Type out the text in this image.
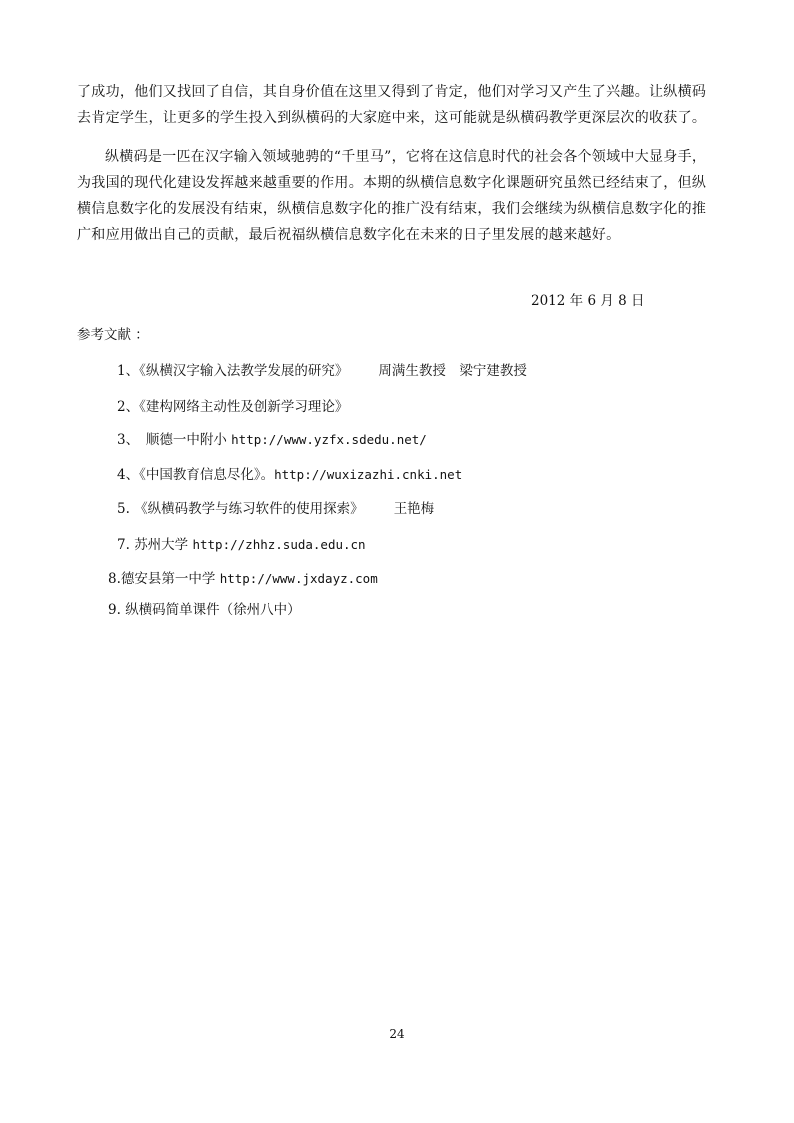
了成功，他们又找回了自信，其自身价值在这里又得到了肯定，他们对学习又产生了兴趣。让纵横码去肯定学生，让更多的学生投入到纵横码的大家庭中来，这可能就是纵横码教学更深层次的收获了。

纵横码是一匹在汉字输入领域驰骋的“千里马”，它将在这信息时代的社会各个领域中大显身手，为我国的现代化建设发挥越来越重要的作用。本期的纵横信息数字化课题研究虽然已经结束了，但纵横信息数字化的发展没有结束，纵横信息数字化的推广没有结束，我们会继续为纵横信息数字化的推广和应用做出自己的贡献，最后祝福纵横信息数字化在未来的日子里发展的越来越好。

2012 年 6 月 8 日
参考文献 ：
1、《纵横汉字输入法教学发展的研究》 周满生教授　梁宁建教授
2、《建构网络主动性及创新学习理论》
3、　顺德一中附小 http://www.yzfx.sdedu.net/
4、《中国教育信息尽化》。http://wuxizazhi.cnki.net
5. 《纵横码教学与练习软件的使用探索》 王艳梅
7. 苏州大学 http://zhhz.suda.edu.cn
8.德安县第一中学 http://www.jxdayz.com
9. 纵横码简单课件（徐州八中）
24
